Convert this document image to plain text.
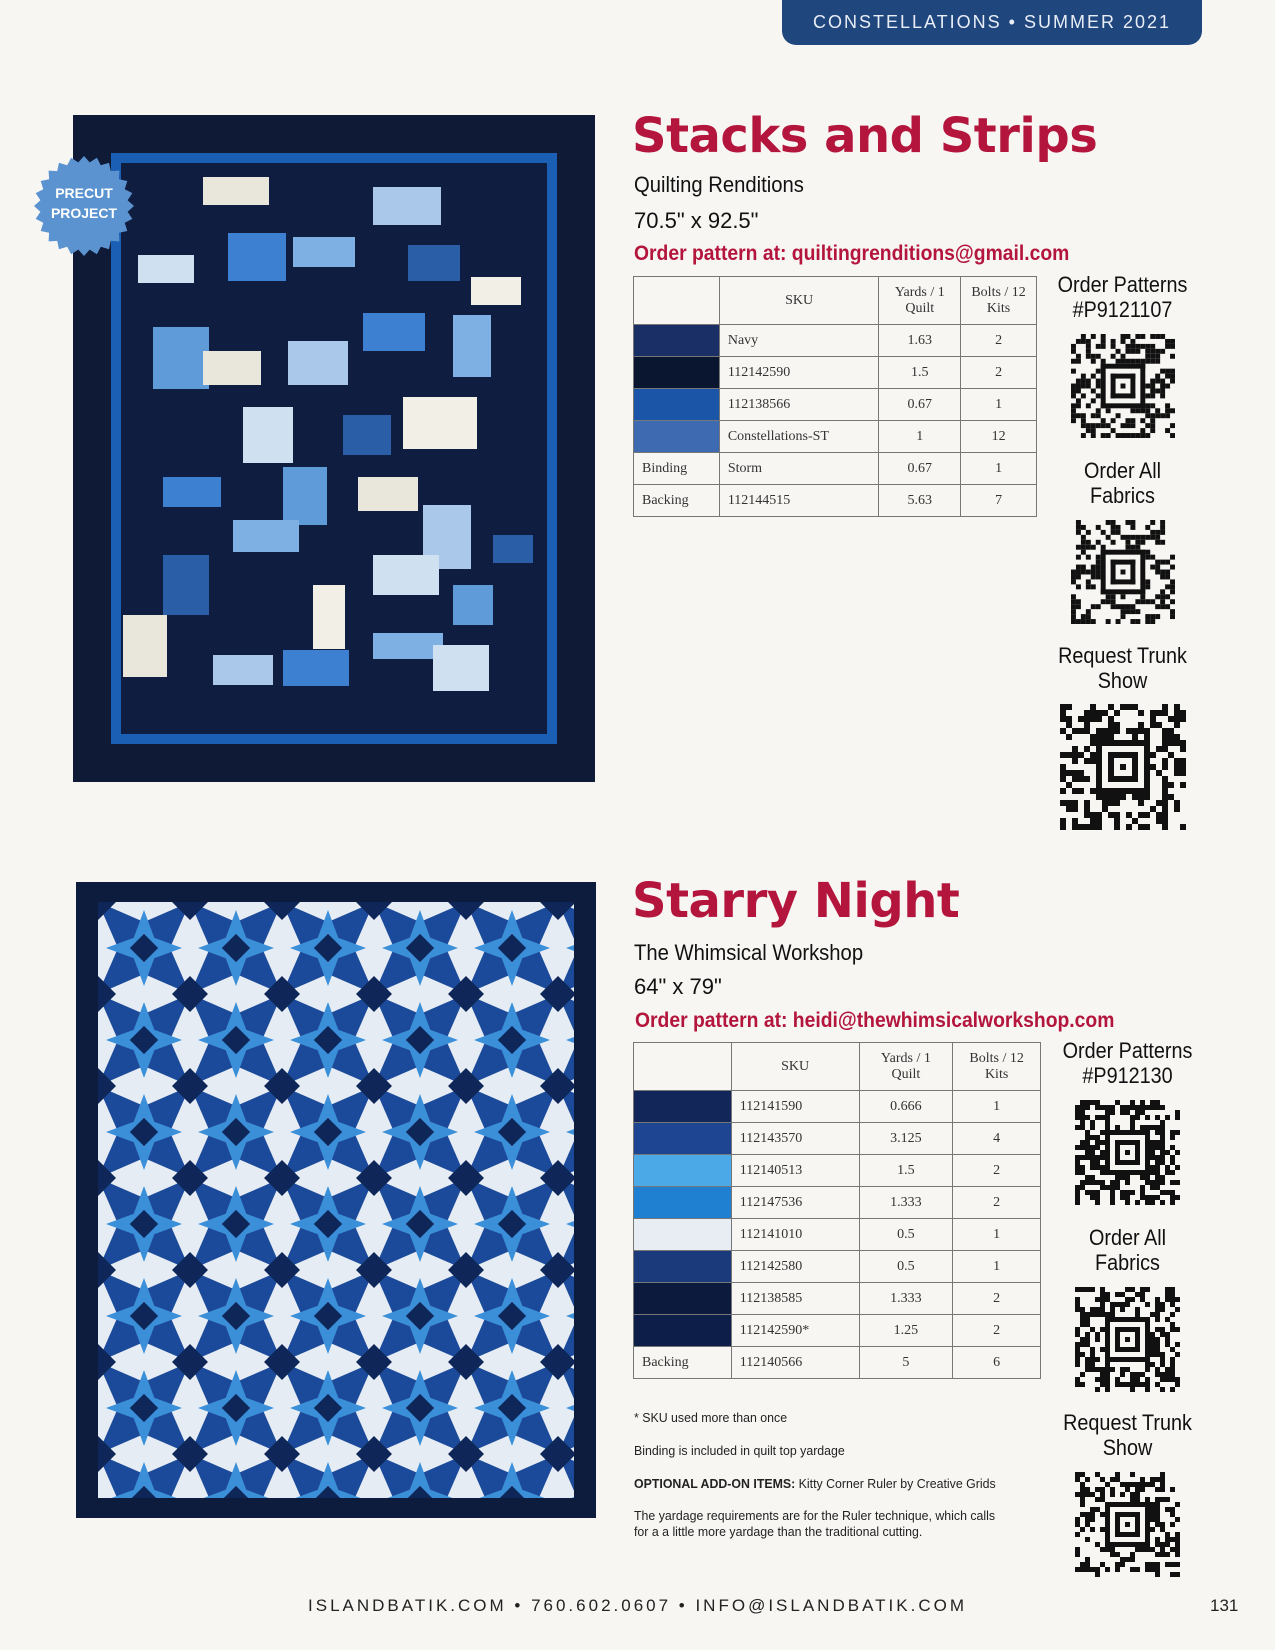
CONSTELLATIONS • SUMMER 2021
PRECUT PROJECT
Stacks and Strips
Quilting Renditions
70.5" x 92.5"
Order pattern at: quiltingrenditions@gmail.com
	SKU	Yards / 1 Quilt	Bolts / 12 Kits

	Navy	1.63	2

	112142590	1.5	2

	112138566	0.67	1

	Constellations-ST	1	12
Binding	Storm	0.67	1
Backing	112144515	5.63	7
Order Patterns
#P9121107
Order All
Fabrics
Request Trunk
Show
Starry Night
The Whimsical Workshop
64" x 79"
Order pattern at: heidi@thewhimsicalworkshop.com
	SKU	Yards / 1 Quilt	Bolts / 12 Kits

	112141590	0.666	1

	112143570	3.125	4

	112140513	1.5	2

	112147536	1.333	2

	112141010	0.5	1

	112142580	0.5	1

	112138585	1.333	2

	112142590*	1.25	2
Backing	112140566	5	6
* SKU used more than once
Binding is included in quilt top yardage
OPTIONAL ADD-ON ITEMS: Kitty Corner Ruler by Creative Grids
The yardage requirements are for the Ruler technique, which calls
for a a little more yardage than the traditional cutting.
Order Patterns
#P912130
Order All
Fabrics
Request Trunk
Show
ISLANDBATIK.COM • 760.602.0607 • INFO@ISLANDBATIK.COM	131
